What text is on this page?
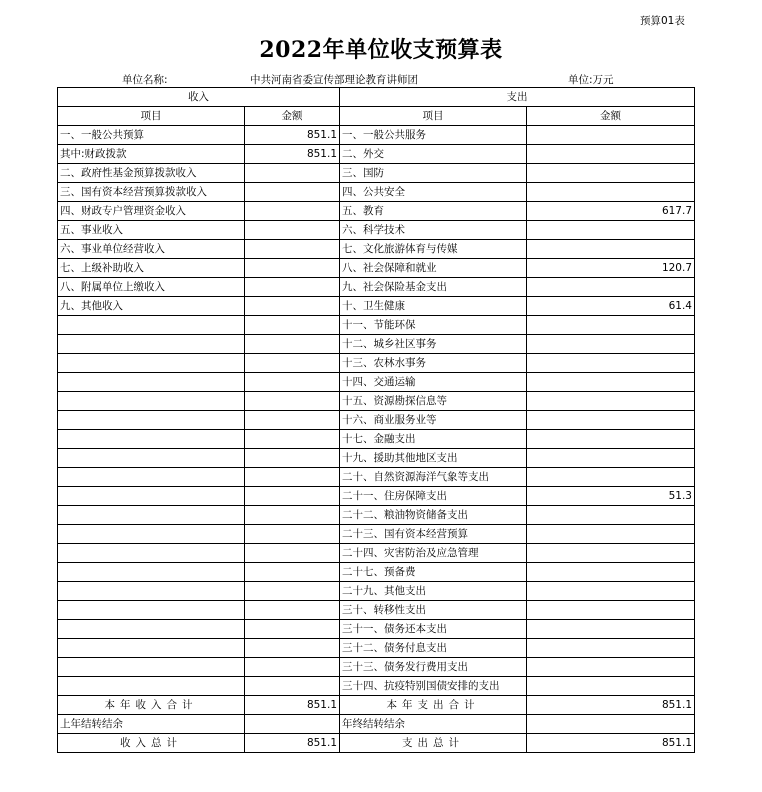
预算01表
2022年单位收支预算表
单位名称:	中共河南省委宣传部理论教育讲师团	单位:万元
收入		支出	
项目	金额	项目	金额
一、一般公共预算	851.1	一、一般公共服务	
其中:财政拨款	851.1	二、外交	
二、政府性基金预算拨款收入		三、国防	
三、国有资本经营预算拨款收入		四、公共安全	
四、财政专户管理资金收入		五、教育	617.7
五、事业收入		六、科学技术	
六、事业单位经营收入		七、文化旅游体育与传媒	
七、上级补助收入		八、社会保障和就业	120.7
八、附属单位上缴收入		九、社会保险基金支出	
九、其他收入		十、卫生健康	61.4
		十一、节能环保	
		十二、城乡社区事务	
		十三、农林水事务	
		十四、交通运输	
		十五、资源勘探信息等	
		十六、商业服务业等	
		十七、金融支出	
		十九、援助其他地区支出	
		二十、自然资源海洋气象等支出	
		二十一、住房保障支出	51.3
		二十二、粮油物资储备支出	
		二十三、国有资本经营预算	
		二十四、灾害防治及应急管理	
		二十七、预备费	
		二十九、其他支出	
		三十、转移性支出	
		三十一、债务还本支出	
		三十二、债务付息支出	
		三十三、债务发行费用支出	
		三十四、抗疫特别国债安排的支出	
本年收入合计	851.1	本年支出合计	851.1
上年结转结余		年终结转结余	
收入总计	851.1	支出总计	851.1
